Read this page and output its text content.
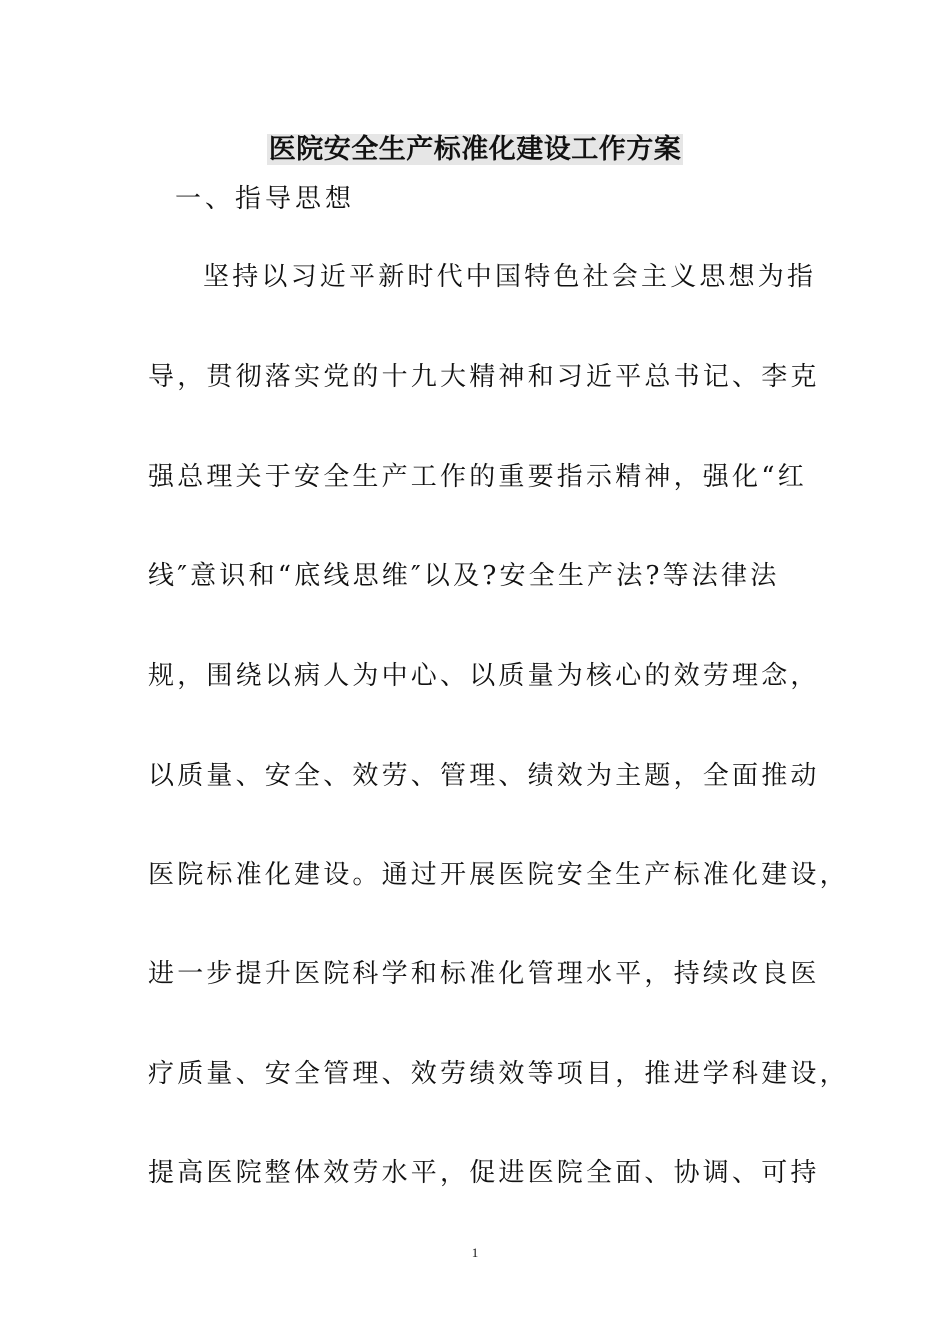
医院安全生产标准化建设工作方案
一、指导思想
坚持以习近平新时代中国特色社会主义思想为指
导，贯彻落实党的十九大精神和习近平总书记、李克
强总理关于安全生产工作的重要指示精神，强化“红
线″意识和“底线思维″以及?安全生产法?等法律法
规，围绕以病人为中心、以质量为核心的效劳理念，
以质量、安全、效劳、管理、绩效为主题，全面推动
医院标准化建设。通过开展医院安全生产标准化建设，
进一步提升医院科学和标准化管理水平，持续改良医
疗质量、安全管理、效劳绩效等项目，推进学科建设，
提高医院整体效劳水平，促进医院全面、协调、可持
1
